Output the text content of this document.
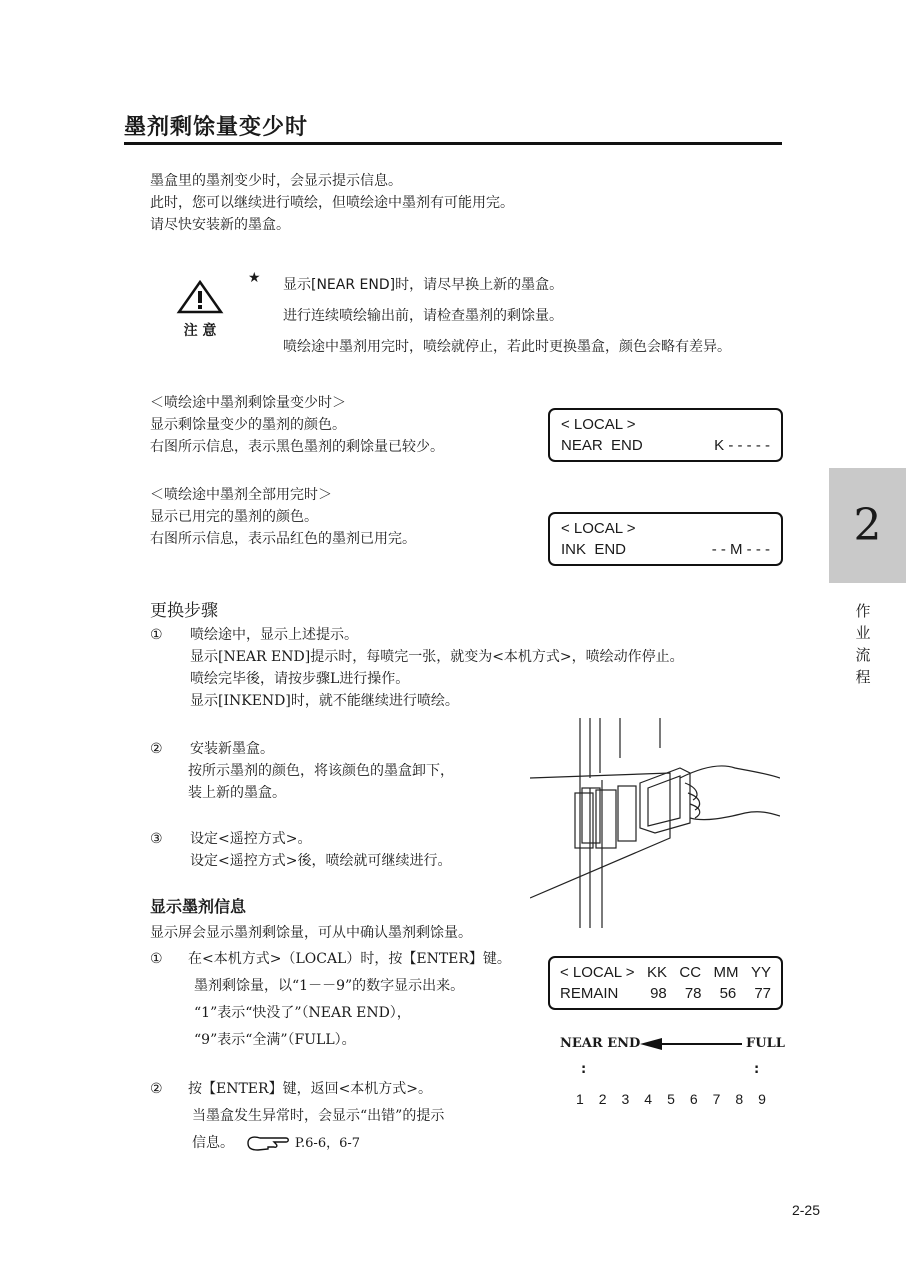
墨剂剩馀量变少时
墨盒里的墨剂变少时，会显示提示信息。
此时，您可以继续进行喷绘，但喷绘途中墨剂有可能用完。
请尽快安装新的墨盒。
注 意
★ 显示[NEAR END]时，请尽早换上新的墨盒。
进行连续喷绘输出前，请检查墨剂的剩馀量。
喷绘途中墨剂用完时，喷绘就停止，若此时更换墨盒，颜色会略有差异。
＜喷绘途中墨剂剩馀量变少时＞
显示剩馀量变少的墨剂的颜色。
右图所示信息，表示黑色墨剂的剩馀量已较少。
< LOCAL >
NEAR  END	K - - - - -
＜喷绘途中墨剂全部用完时＞
显示已用完的墨剂的颜色。
右图所示信息，表示品红色的墨剂已用完。
< LOCAL >
INK  END	- - M - - - 2
作
业
流
程
更换步骤
① 喷绘途中，显示上述提示。
显示[NEAR END]提示时，每喷完一张，就变为<本机方式>，喷绘动作停止。
喷绘完毕後，请按步骤L进行操作。
显示[INKEND]时，就不能继续进行喷绘。
② 安装新墨盒。
按所示墨剂的颜色，将该颜色的墨盒卸下，
装上新的墨盒。
③ 设定<遥控方式>。
设定<遥控方式>後，喷绘就可继续进行。
显示墨剂信息
显示屏会显示墨剂剩馀量，可从中确认墨剂剩馀量。
① 在<本机方式>（LOCAL）时，按【ENTER】键。
墨剂剩馀量，以“1－－9”的数字显示出来。
“1”表示“快没了”（NEAR END），
“9”表示“全满”（FULL）。
② 按【ENTER】键，返回<本机方式>。
当墨盒发生异常时，会显示“出错”的提示
信息。	P.6-6，6-7
< LOCAL > KK CC MM YY
REMAIN	98 78 56 77
NEAR END	FULL
:	:
1 2 3 4 5 6 7 8 9
2-25
